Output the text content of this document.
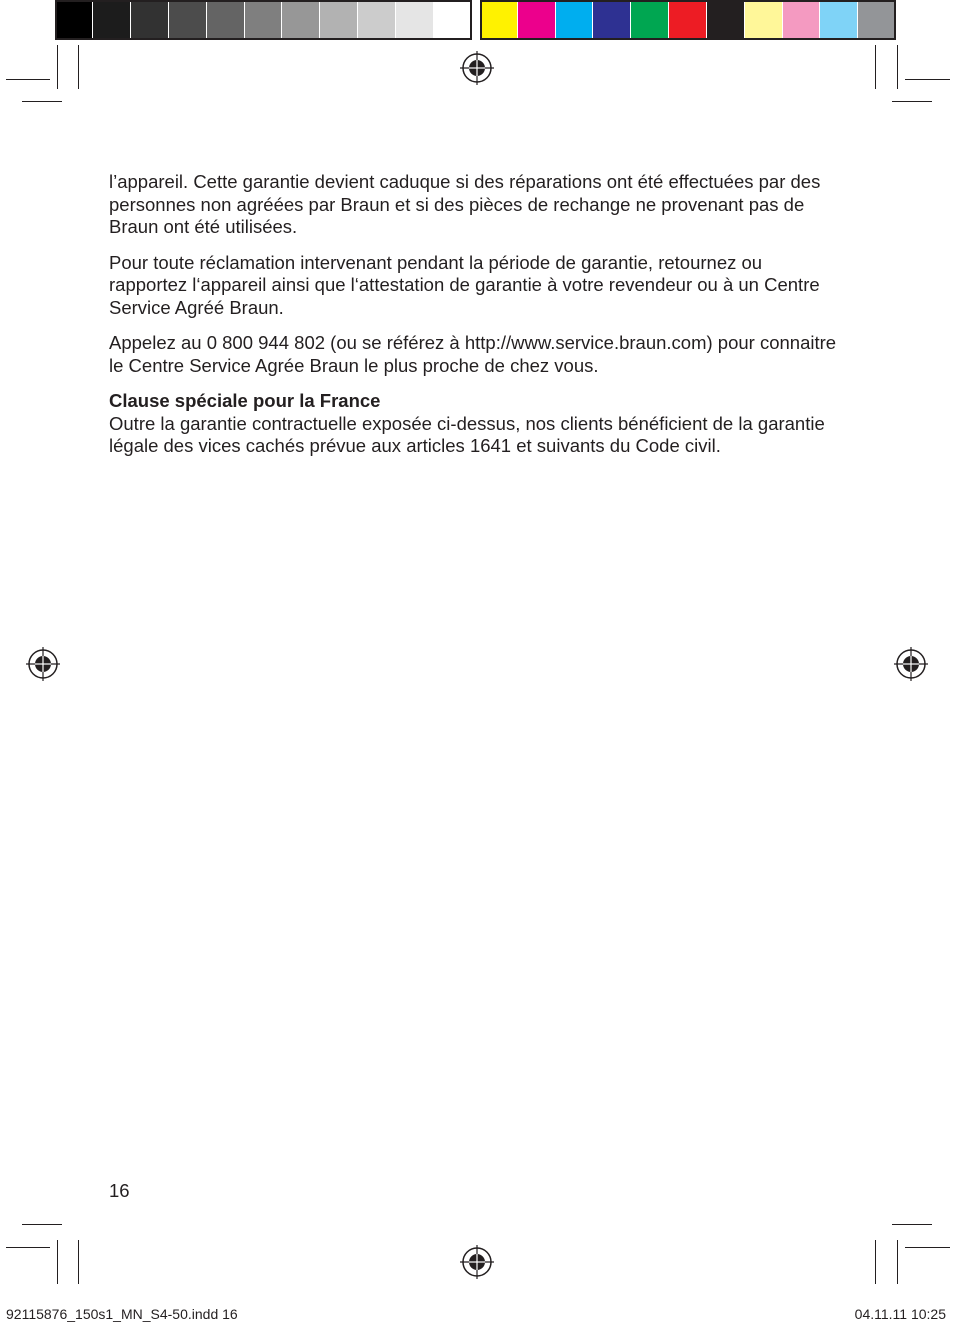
l’appareil. Cette garantie devient caduque si des réparations ont été effectuées par des personnes non agréées par Braun et si des pièces de rechange ne provenant pas de Braun ont été utilisées.

Pour toute réclamation intervenant pendant la période de garantie, retournez ou rapportez l‘appareil ainsi que l‘attestation de garantie à votre revendeur ou à un Centre Service Agréé Braun.

Appelez au 0 800 944 802 (ou se référez à http://www.service.braun.com) pour connaitre le Centre Service Agrée Braun le plus proche de chez vous.

Clause spéciale pour la France
Outre la garantie contractuelle exposée ci-dessus, nos clients bénéficient de la garantie légale des vices cachés prévue aux articles 1641 et suivants du Code civil.

16
92115876_150s1_MN_S4-50.indd 16	04.11.11 10:25
